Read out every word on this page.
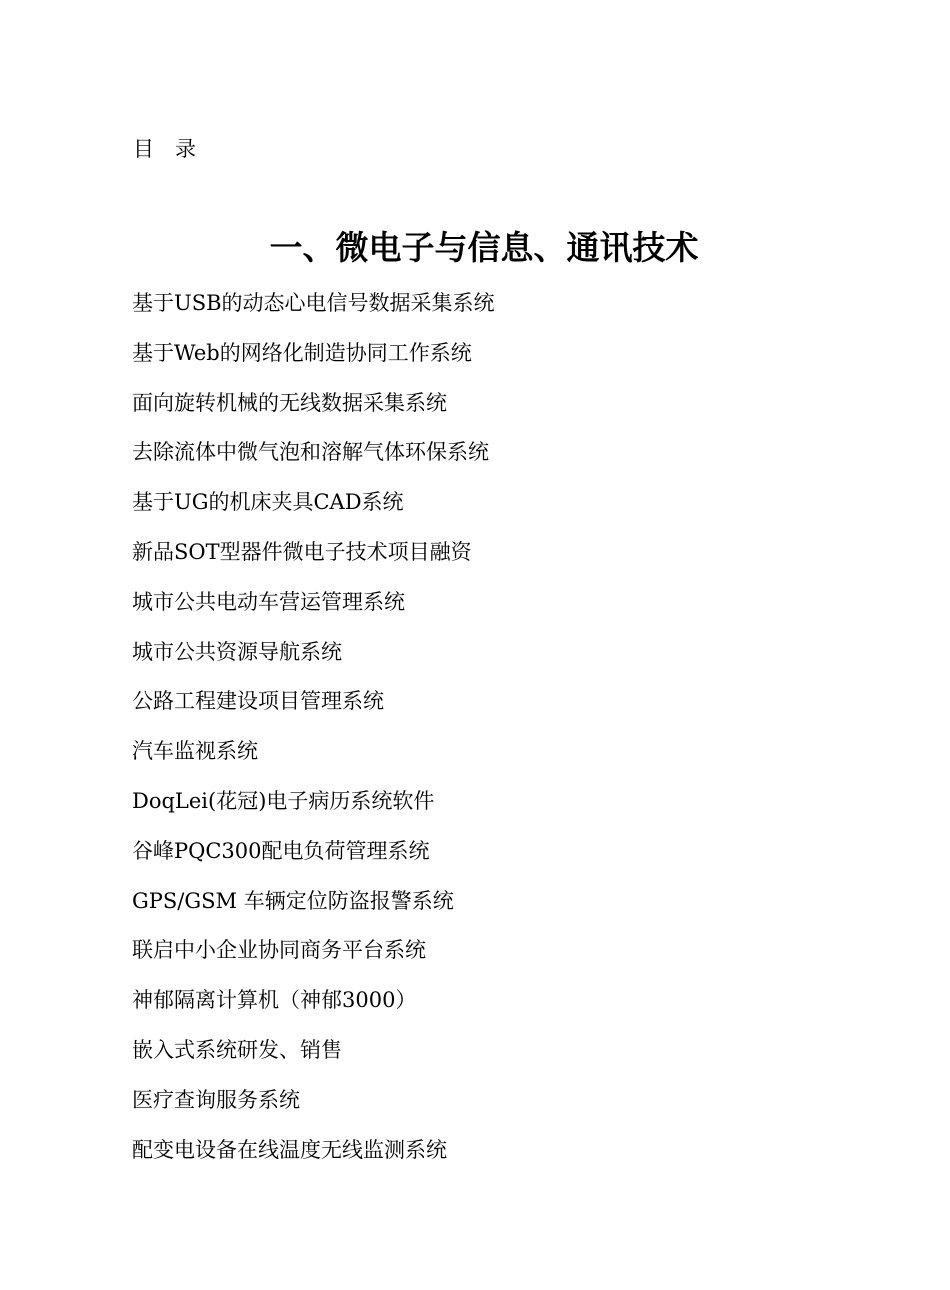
目　录
一、微电子与信息、通讯技术
基于USB的动态心电信号数据采集系统
基于Web的网络化制造协同工作系统
面向旋转机械的无线数据采集系统
去除流体中微气泡和溶解气体环保系统
基于UG的机床夹具CAD系统
新品SOT型器件微电子技术项目融资
城市公共电动车营运管理系统
城市公共资源导航系统
公路工程建设项目管理系统
汽车监视系统
DoqLei(花冠)电子病历系统软件
谷峰PQC300配电负荷管理系统
GPS/GSM 车辆定位防盗报警系统
联启中小企业协同商务平台系统
神郁隔离计算机（神郁3000）
嵌入式系统研发、销售
医疗查询服务系统
配变电设备在线温度无线监测系统
